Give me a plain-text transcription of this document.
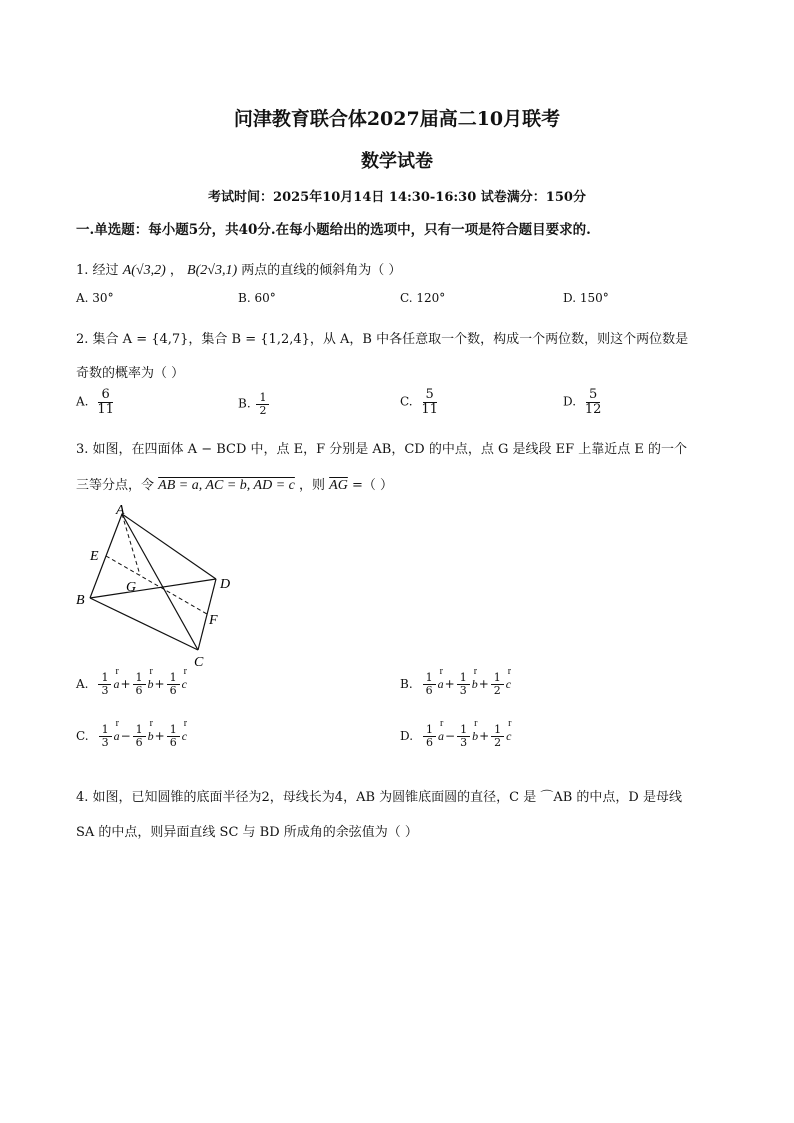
问津教育联合体2027届高二10月联考
数学试卷
考试时间：2025年10月14日 14:30-16:30 试卷满分：150分
一.单选题：每小题5分，共40分.在每小题给出的选项中，只有一项是符合题目要求的.
1. 经过 A(√3,2) ， B(2√3,1) 两点的直线的倾斜角为（ ）
A. 30°	B. 60°	C. 120°	D. 150°
2. 集合 A = {4,7}，集合 B = {1,2,4}，从 A，B 中各任意取一个数，构成一个两位数，则这个两位数是
奇数的概率为（ ）
A. $\frac{6}{11}$	B. $\frac{1}{2}$	C. $\frac{5}{11}$	D. $\frac{5}{12}$
3. 如图，在四面体 A − BCD 中，点 E，F 分别是 AB，CD 的中点，点 G 是线段 EF 上靠近点 E 的一个
三等分点，令 AB = a, AC = b, AD = c ，则 $\overline{AG}$ =（ ）
A
B
C
D
E
F
G
A. $\frac{1}{3}$
r
$a + \frac{1}{6}$
r
$b + \frac{1}{6}$
r
c	B. $\frac{1}{6}$
r
$a + \frac{1}{3}$
r
$b + \frac{1}{2}$
r
c
C. $\frac{1}{3}$
r
$a - \frac{1}{6}$
r
$b + \frac{1}{6}$
r
c	D. $\frac{1}{6}$
r
$a - \frac{1}{3}$
r
$b + \frac{1}{2}$
r
c
4. 如图，已知圆锥的底面半径为2，母线长为4，AB 为圆锥底面圆的直径，C 是 ⌒AB 的中点，D 是母线
SA 的中点，则异面直线 SC 与 BD 所成角的余弦值为（ ）
